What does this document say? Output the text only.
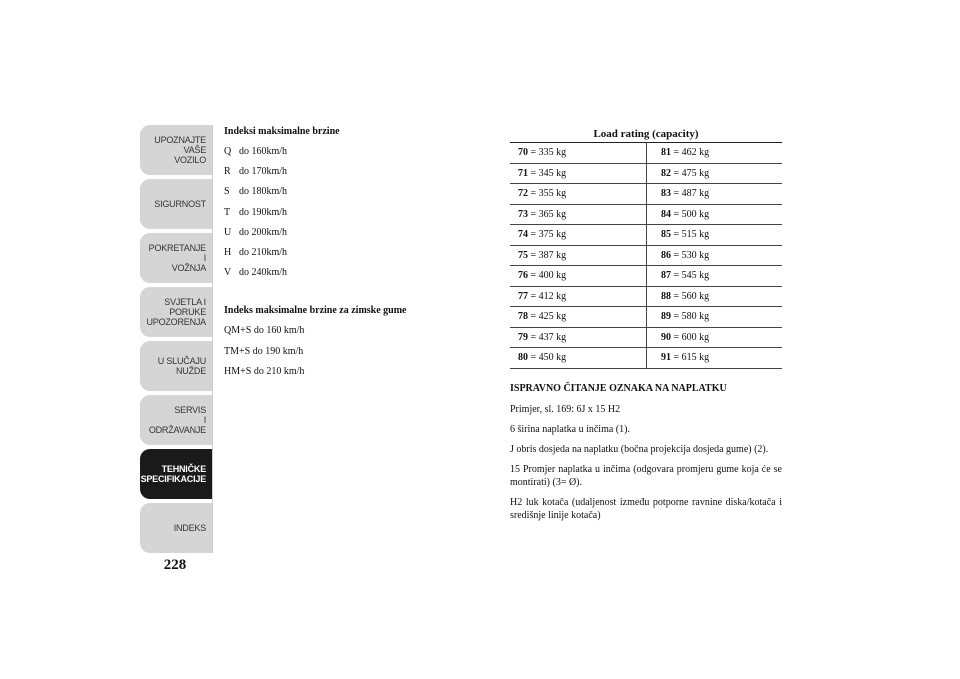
UPOZNAJTE
VAŠE
VOZILO
SIGURNOST
POKRETANJE
I
VOŽNJA
SVJETLA I
PORUKE
UPOZORENJA
U SLUČAJU
NUŽDE
SERVIS
I
ODRŽAVANJE
TEHNIČKE
SPECIFIKACIJE
INDEKS
228
Indeksi maksimalne brzine
Q do 160km/h
R do 170km/h
S do 180km/h
T do 190km/h
U do 200km/h
H do 210km/h
V do 240km/h
Indeks maksimalne brzine za zimske gume
QM+S do 160 km/h
TM+S do 190 km/h
HM+S do 210 km/h
Load rating (capacity)
70 = 335 kg	81 = 462 kg
71 = 345 kg	82 = 475 kg
72 = 355 kg	83 = 487 kg
73 = 365 kg	84 = 500 kg
74 = 375 kg	85 = 515 kg
75 = 387 kg	86 = 530 kg
76 = 400 kg	87 = 545 kg
77 = 412 kg	88 = 560 kg
78 = 425 kg	89 = 580 kg
79 = 437 kg	90 = 600 kg
80 = 450 kg	91 = 615 kg

ISPRAVNO ČITANJE OZNAKA NA NAPLATKU

Primjer, sl. 169: 6J x 15 H2

6 širina naplatka u inčima (1).

J obris dosjeda na naplatku (bočna projekcija dosjeda gume) (2).

15 Promjer naplatka u inčima (odgovara promjeru gume koja će se montirati) (3= Ø).

H2 luk kotača (udaljenost između potporne ravnine diska/kotača i središnje linije kotača)
